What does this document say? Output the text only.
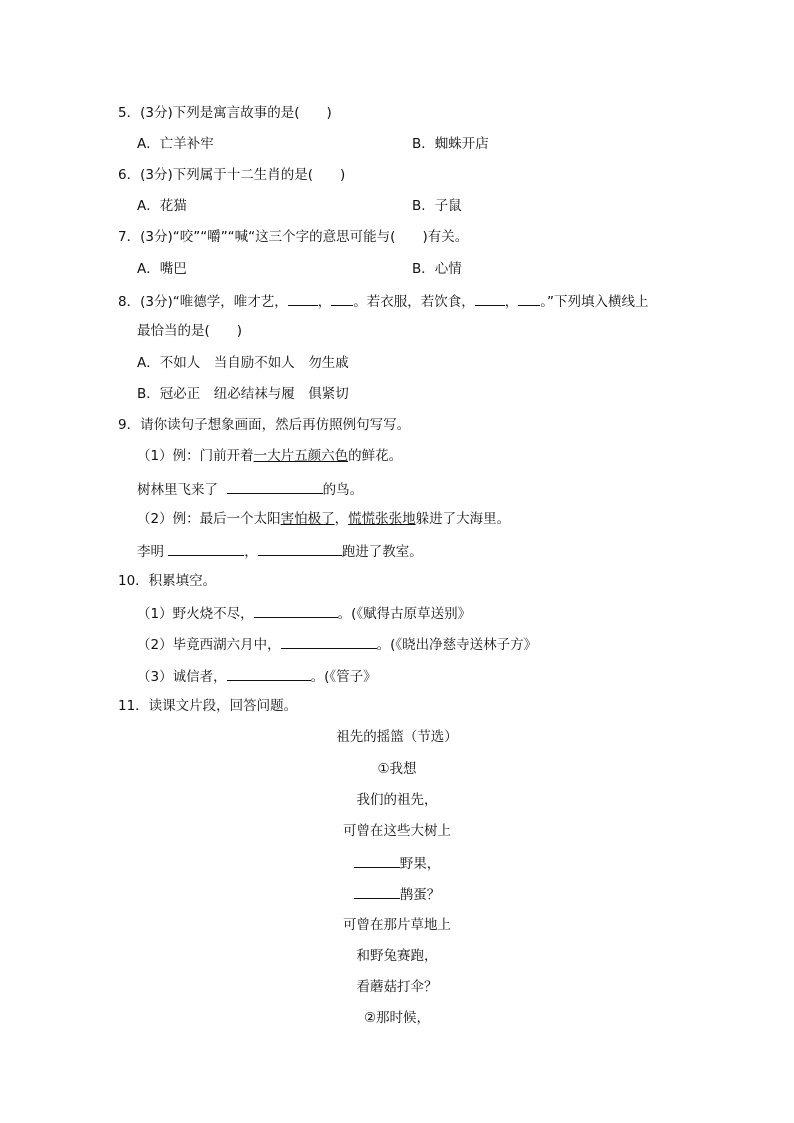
5．(3分)下列是寓言故事的是(　　)
A．亡羊补牢	B．蜘蛛开店
6．(3分)下列属于十二生肖的是(　　)
A．花猫	B．子鼠
7．(3分)“咬”“嚼”“喊“这三个字的意思可能与(　　)有关。
A．嘴巴	B．心情
8．(3分)“唯德学，唯才艺， ， 。若衣服，若饮食， ， 。”下列填入横线上
最恰当的是(　　)
A．不如人　当自励不如人　勿生戚
B．冠必正　纽必结袜与履　俱紧切
9．请你读句子想象画面，然后再仿照例句写写。
（1）例：门前开着一大片五颜六色的鲜花。
树林里飞来了	的鸟。
（2）例：最后一个太阳害怕极了，慌慌张张地躲进了大海里。
李明	，	跑进了教室。
10．积累填空。
（1）野火烧不尽，	。(《赋得古原草送别》
（2）毕竟西湖六月中，	。(《晓出净慈寺送林子方》
（3）诚信者，	。(《管子》
11．读课文片段，回答问题。
祖先的摇篮（节选）
①我想
我们的祖先，
可曾在这些大树上
野果，
鹊蛋？
可曾在那片草地上
和野兔赛跑，
看蘑菇打伞？
②那时候，
